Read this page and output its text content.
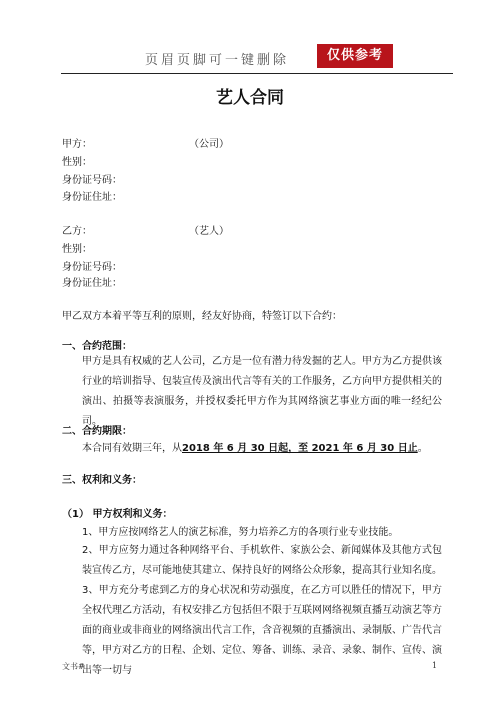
页眉页脚可一键删除	仅供参考
艺人合同
甲方：	（公司）
性别：
身份证号码：
身份证住址：
乙方：	（艺人）
性别：
身份证号码：
身份证住址：
甲乙双方本着平等互利的原则，经友好协商，特签订以下合约：
一、合约范围：
甲方是具有权威的艺人公司，乙方是一位有潜力待发掘的艺人。甲方为乙方提供该行业的培训指导、包装宣传及演出代言等有关的工作服务，乙方向甲方提供相关的演出、拍摄等表演服务，并授权委托甲方作为其网络演艺事业方面的唯一经纪公司。
二、合约期限：
本合同有效期三年，从2018 年 6 月 30 日起，至 2021 年 6 月 30 日止。
三、权利和义务：
（1） 甲方权利和义务：
1、甲方应按网络艺人的演艺标准，努力培养乙方的各项行业专业技能。
2、甲方应努力通过各种网络平台、手机软件、家族公会、新闻媒体及其他方式包装宣传乙方，尽可能地使其建立、保持良好的网络公众形象，提高其行业知名度。
3、甲方充分考虑到乙方的身心状况和劳动强度，在乙方可以胜任的情况下，甲方全权代理乙方活动，有权安排乙方包括但不限于互联网网络视频直播互动演艺等方面的商业或非商业的网络演出代言工作，含音视频的直播演出、录制版、广告代言等，甲方对乙方的日程、企划、定位、筹备、训练、录音、录象、制作、宣传、演出等一切与
文书#	1
